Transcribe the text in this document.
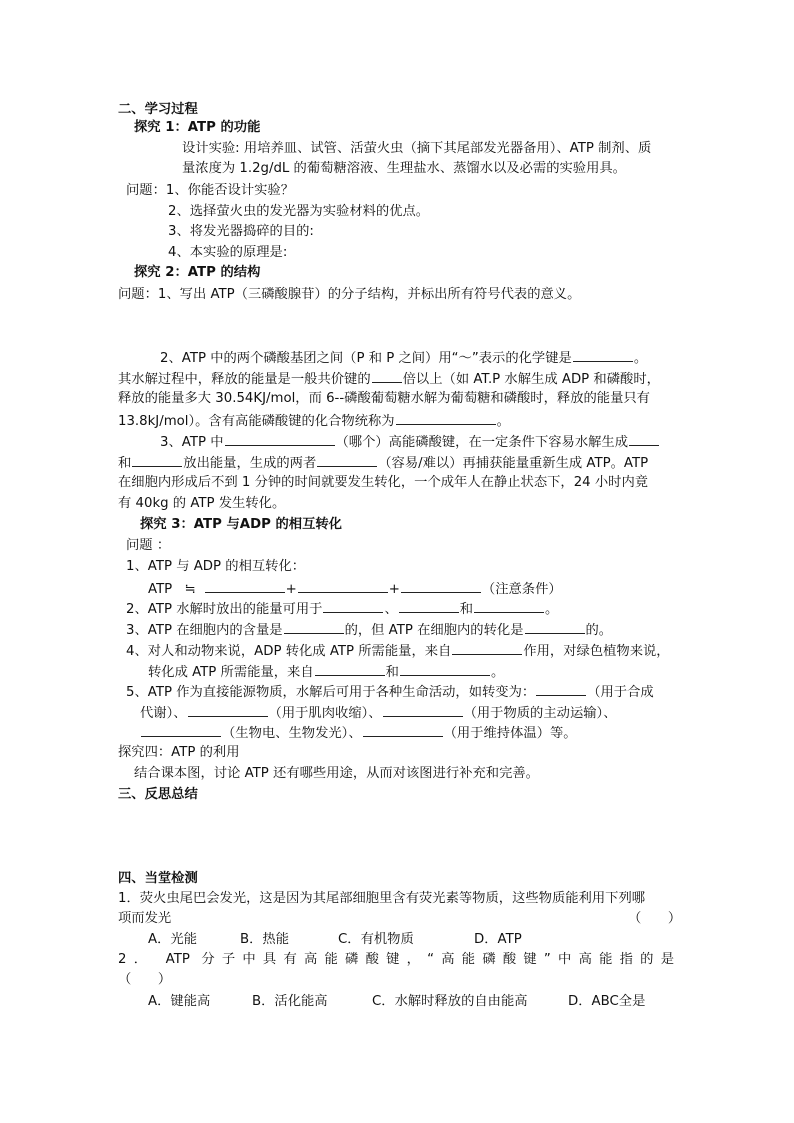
二、学习过程
探究 1：ATP 的功能
设计实验: 用培养皿、试管、活萤火虫（摘下其尾部发光器备用）、ATP 制剂、质
量浓度为 1.2g/dL 的葡萄糖溶液、生理盐水、蒸馏水以及必需的实验用具。
问题：1、你能否设计实验？
2、选择萤火虫的发光器为实验材料的优点。
3、将发光器捣碎的目的:
4、本实验的原理是:
探究 2：ATP 的结构
问题：1、写出 ATP（三磷酸腺苷）的分子结构，并标出所有符号代表的意义。
2、ATP 中的两个磷酸基团之间（P 和 P 之间）用“～”表示的化学键是	。
其水解过程中，释放的能量是一般共价键的 倍以上（如 AT.P 水解生成 ADP 和磷酸时，
释放的能量多大 30.54KJ/mol，而 6--磷酸葡萄糖水解为葡萄糖和磷酸时，释放的能量只有
13.8kJ/mol）。含有高能磷酸键的化合物统称为	。
3、ATP 中	（哪个）高能磷酸键，在一定条件下容易水解生成
和	放出能量，生成的两者	（容易/难以）再捕获能量重新生成 ATP。ATP
在细胞内形成后不到 1 分钟的时间就要发生转化，一个成年人在静止状态下，24 小时内竟
有 40kg 的 ATP 发生转化。
探究 3：ATP 与ADP 的相互转化
问题 ：
1、ATP 与 ADP 的相互转化：
ATP ≒	+	+	（注意条件）
2、ATP 水解时放出的能量可用于	、	和	。
3、ATP 在细胞内的含量是	的，但 ATP 在细胞内的转化是	的。
4、对人和动物来说，ADP 转化成 ATP 所需能量，来自	作用，对绿色植物来说，
转化成 ATP 所需能量，来自	和	。
5、ATP 作为直接能源物质，水解后可用于各种生命活动，如转变为：	（用于合成
代谢）、	（用于肌肉收缩）、	（用于物质的主动运输）、
（生物电、生物发光）、	（用于维持体温）等。
探究四：ATP 的利用
结合课本图，讨论 ATP 还有哪些用途，从而对该图进行补充和完善。
三、反思总结
四、当堂检测
1．荧火虫尾巴会发光，这是因为其尾部细胞里含有荧光素等物质，这些物质能利用下列哪
项而发光	（　　）
A．光能	B．热能	C．有机物质	D．ATP
2． ATP 分子中具有高能磷酸键，“高能磷酸键”中高能指的是
（　　）
A．键能高	B．活化能高	C．水解时释放的自由能高	D．ABC全是
